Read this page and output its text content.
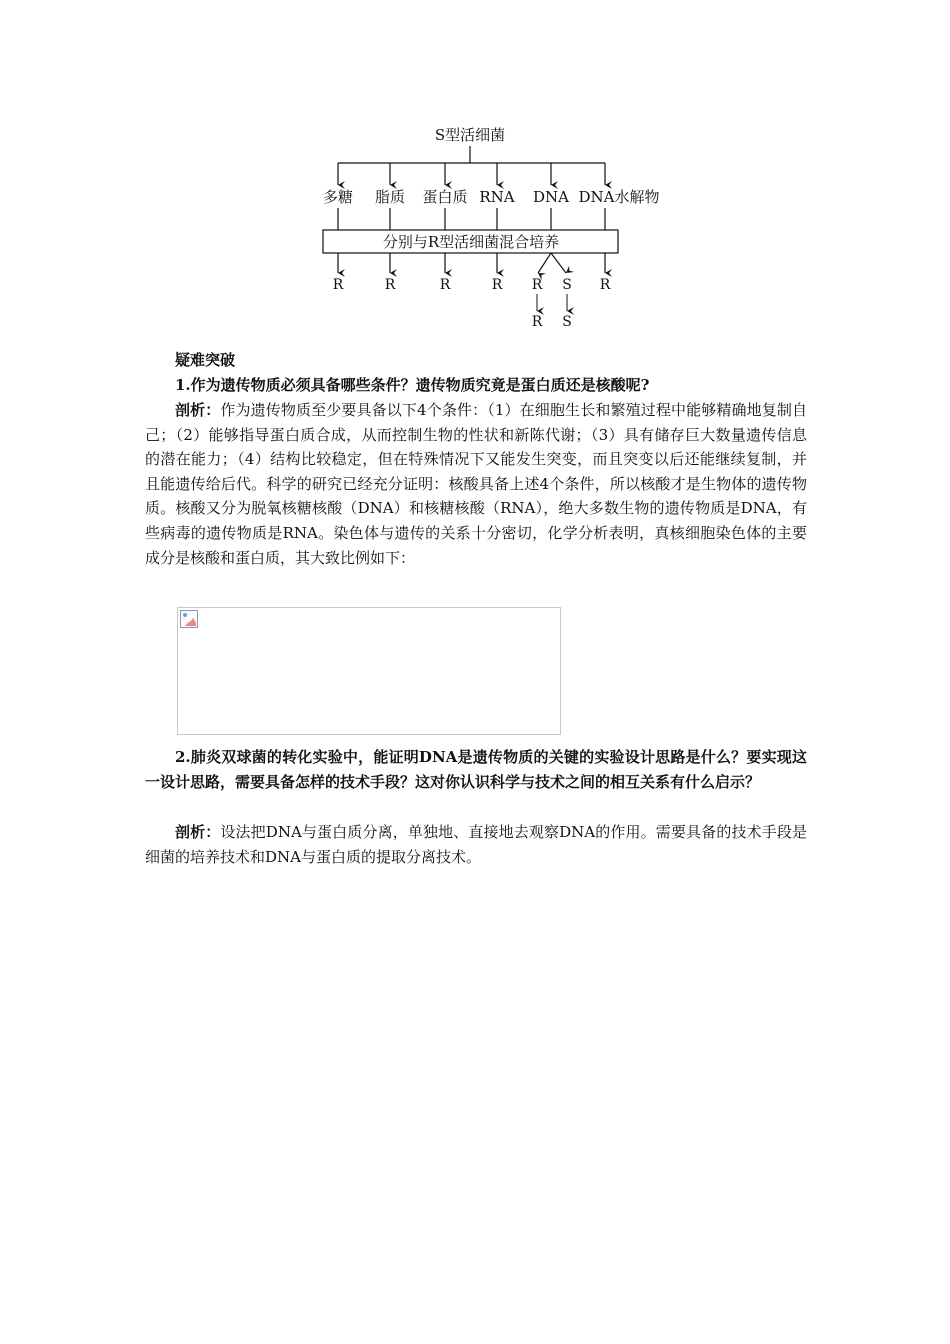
S型活细菌
多糖 脂质 蛋白质 RNA DNA DNA水解物
分别与R型活细菌混合培养
R	R	R	R R S R
R S
疑难突破
1.作为遗传物质必须具备哪些条件？遗传物质究竟是蛋白质还是核酸呢?
剖析：作为遗传物质至少要具备以下4个条件：（1）在细胞生长和繁殖过程中能够精确地复制自己；（2）能够指导蛋白质合成，从而控制生物的性状和新陈代谢；（3）具有储存巨大数量遗传信息的潜在能力；（4）结构比较稳定，但在特殊情况下又能发生突变，而且突变以后还能继续复制，并且能遗传给后代。科学的研究已经充分证明：核酸具备上述4个条件，所以核酸才是生物体的遗传物质。核酸又分为脱氧核糖核酸（DNA）和核糖核酸（RNA），绝大多数生物的遗传物质是DNA，有些病毒的遗传物质是RNA。染色体与遗传的关系十分密切，化学分析表明，真核细胞染色体的主要成分是核酸和蛋白质，其大致比例如下：
2.肺炎双球菌的转化实验中，能证明DNA是遗传物质的关键的实验设计思路是什么？要实现这一设计思路，需要具备怎样的技术手段？这对你认识科学与技术之间的相互关系有什么启示？
剖析：设法把DNA与蛋白质分离，单独地、直接地去观察DNA的作用。需要具备的技术手段是细菌的培养技术和DNA与蛋白质的提取分离技术。
